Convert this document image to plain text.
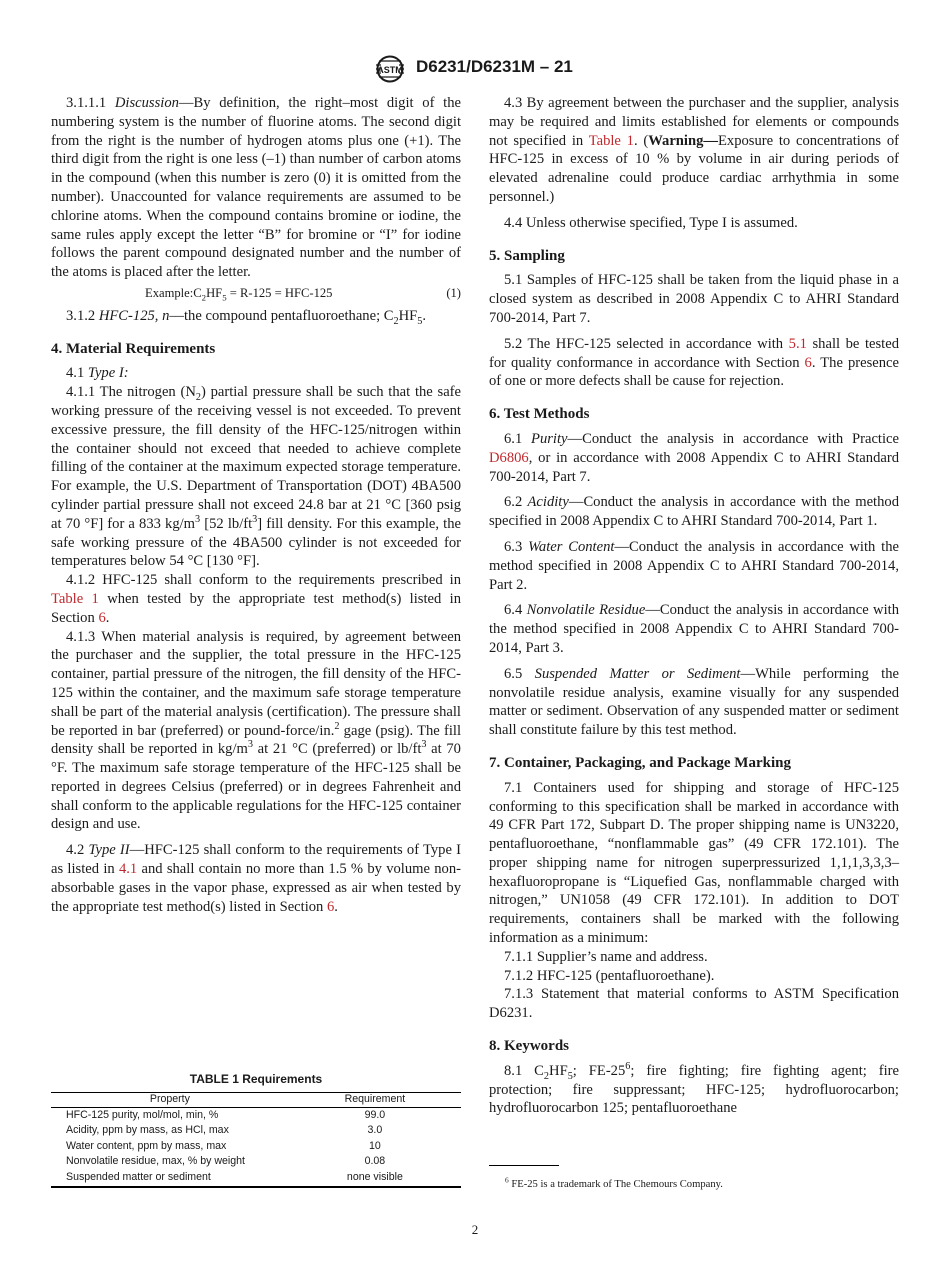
ASTM D6231/D6231M – 21

3.1.1.1 Discussion—By definition, the right–most digit of the numbering system is the number of fluorine atoms. The second digit from the right is the number of hydrogen atoms plus one (+1). The third digit from the right is one less (–1) than number of carbon atoms in the compound (when this number is zero (0) it is omitted from the number). Unaccounted for valance requirements are assumed to be chlorine atoms. When the compound contains bromine or iodine, the same rules apply except the letter “B” for bromine or “I” for iodine follows the parent compound designated number and the number of the atoms is placed after the letter.

$Example:C_2HF_5$ = R‑125 = HFC‑125	(1)

3.1.2 HFC-125, n—the compound pentafluoroethane; $C_2HF_5$.

4. Material Requirements

4.1 Type I:

4.1.1 The nitrogen $(N_2)$ partial pressure shall be such that the safe working pressure of the receiving vessel is not exceeded. To prevent excessive pressure, the fill density of the HFC-125/nitrogen within the container should not exceed that needed to achieve complete filling of the container at the maximum expected storage temperature. For example, the U.S. Department of Transportation (DOT) 4BA500 cylinder partial pressure shall not exceed 24.8 bar at 21 °C [360 psig at 70 °F] for a 833 $kg/m^3$ [52 $lb/ft^3$] fill density. For this example, the safe working pressure of the 4BA500 cylinder is not exceeded for temperatures below 54 °C [130 °F].

4.1.2 HFC-125 shall conform to the requirements prescribed in Table 1 when tested by the appropriate test method(s) listed in Section 6.

4.1.3 When material analysis is required, by agreement between the purchaser and the supplier, the total pressure in the HFC-125 container, partial pressure of the nitrogen, the fill density of the HFC-125 within the container, and the maximum safe storage temperature shall be part of the material analysis (certification). The pressure shall be reported in bar (preferred) or pound-force/in.$^2$ gage (psig). The fill density shall be reported in $kg/m^3$ at 21 °C (preferred) or $lb/ft^3$ at 70 °F. The maximum safe storage temperature of the HFC-125 shall be reported in degrees Celsius (preferred) or in degrees Fahrenheit and shall conform to the applicable regulations for the HFC-125 container design and use.

4.2 Type II—HFC-125 shall conform to the requirements of Type I as listed in 4.1 and shall contain no more than 1.5 % by volume non-absorbable gases in the vapor phase, expressed as air when tested by the appropriate test method(s) listed in Section 6.

TABLE 1 Requirements
Property	Requirement
HFC-125 purity, mol/mol, min, %	99.0
Acidity, ppm by mass, as HCl, max	3.0
Water content, ppm by mass, max	10
Nonvolatile residue, max, % by weight	0.08
Suspended matter or sediment	none visible

4.3 By agreement between the purchaser and the supplier, analysis may be required and limits established for elements or compounds not specified in Table 1. (Warning—Exposure to concentrations of HFC-125 in excess of 10 % by volume in air during periods of elevated adrenaline could produce cardiac arrhythmia in some personnel.)

4.4 Unless otherwise specified, Type I is assumed.

5. Sampling

5.1 Samples of HFC-125 shall be taken from the liquid phase in a closed system as described in 2008 Appendix C to AHRI Standard 700-2014, Part 7.

5.2 The HFC-125 selected in accordance with 5.1 shall be tested for quality conformance in accordance with Section 6. The presence of one or more defects shall be cause for rejection.

6. Test Methods

6.1 Purity—Conduct the analysis in accordance with Practice D6806, or in accordance with 2008 Appendix C to AHRI Standard 700-2014, Part 7.

6.2 Acidity—Conduct the analysis in accordance with the method specified in 2008 Appendix C to AHRI Standard 700-2014, Part 1.

6.3 Water Content—Conduct the analysis in accordance with the method specified in 2008 Appendix C to AHRI Standard 700-2014, Part 2.

6.4 Nonvolatile Residue—Conduct the analysis in accordance with the method specified in 2008 Appendix C to AHRI Standard 700-2014, Part 3.

6.5 Suspended Matter or Sediment—While performing the nonvolatile residue analysis, examine visually for any suspended matter or sediment. Observation of any suspended matter or sediment shall constitute failure by this test method.

7. Container, Packaging, and Package Marking

7.1 Containers used for shipping and storage of HFC-125 conforming to this specification shall be marked in accordance with 49 CFR Part 172, Subpart D. The proper shipping name is UN3220, pentafluoroethane, “nonflammable gas” (49 CFR 172.101). The proper shipping name for nitrogen superpressurized 1,1,1,3,3,3–hexafluoropropane is “Liquefied Gas, nonflammable charged with nitrogen,” UN1058 (49 CFR 172.101). In addition to DOT requirements, containers shall be marked with the following information as a minimum:

7.1.1 Supplier’s name and address.

7.1.2 HFC-125 (pentafluoroethane).

7.1.3 Statement that material conforms to ASTM Specification D6231.

8. Keywords

8.1 $C_2HF_5$; $FE-25^6$; fire fighting; fire fighting agent; fire protection; fire suppressant; HFC-125; hydrofluorocarbon; hydrofluorocarbon 125; pentafluoroethane

$^6$ FE-25 is a trademark of The Chemours Company.
2
